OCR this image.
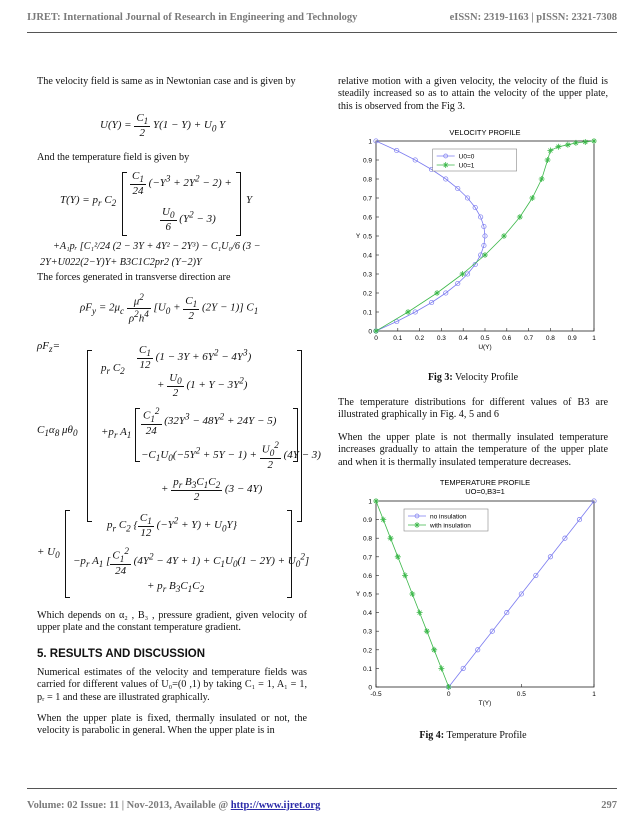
IJRET: International Journal of Research in Engineering and Technology	eISSN: 2319-1163 | pISSN: 2321-7308

The velocity field is same as in Newtonian case and is given by

$U(Y) = \frac{C_1}{2} Y(1 - Y) + U_0$ Y

And the temperature field is given by

$T(Y) = p_r$ $C_2$
$\frac{C_1}{24} (-Y^3 + 2Y^2 - 2)$ +
$\frac{U_0}{6} (Y^2 - 3)$
Y
+A₁pᵣ [C₁²/24 (2 − 3Y + 4Y² − 2Y³) − C₁U₀/6 (3 −
2Y+U022(2−Y)Y+ B3C1C2pr2 (Y−2)Y

The forces generated in transverse direction are

$\rho F_y = 2\mu_c \frac{\mu^2}{\rho^2h^4} [U_0 + \frac{C_1}{2} (2Y - 1)]$ $C_1$
$\rho F_z=$
$C_1\alpha_8$ $\mu\theta_0$
$p_r$ $C_2 \frac{C_1}{12} (1 - 3Y + 6Y^2 - 4Y^3)$
+ $\frac{U_0}{2} (1 + Y - 3Y^2)$
$+p_r$ $A_1 \frac{C_1^2}{24} (32Y^3 - 48Y^2 + 24Y - 5)$
$-C_1U_0(-5Y^2 + 5Y - 1) + \frac{U_0^2}{2} (4Y - 3)$
+ $\frac{p_r B_3C_1C_2}{2} (3 - 4Y)$
+ $U_0$
$p_r$ $C_2$ { $\frac{C_1}{12} (-Y^2 + Y) + U_0Y$}
$-p_r$ $A_1$ [ $\frac{C_1^2}{24} (4Y^2 - 4Y + 1) + C_1U_0(1 - 2Y) + U_0^2$]
+ $p_r$ $B_3C_1C_2$

Which depends on α₂ , B₃ , pressure gradient, given velocity of upper plate and the constant temperature gradient.

5. RESULTS AND DISCUSSION

Numerical estimates of the velocity and temperature fields was carried for different values of U₀=(0 ,1) by taking C₁ = 1, A₁ = 1, pᵣ = 1 and these are illustrated graphically.

When the upper plate is fixed, thermally insulated or not, the velocity is parabolic in general. When the upper plate is in

relative motion with a given velocity, the velocity of the fluid is steadily increased so as to attain the velocity of the upper plate, this is observed from the Fig 3.

VELOCITY PROFILE
0
0.1
0.2
0.3
0.4
0.5
0.6
0.7
0.8
0.9
1
0 0.1 0.2 0.3 0.4 0.5 0.6 0.7 0.8 0.9 1
U(Y)
Y
U0=0
U0=1
Fig 3: Velocity Profile

The temperature distributions for different values of B3 are illustrated graphically in Fig. 4, 5 and 6

When the upper plate is not thermally insulated temperature increases gradually to attain the temperature of the upper plate and when it is thermally insulated temperature decreases.

TEMPERATURE PROFILE
UO=0,B3=1
0
0.1
0.2
0.3
0.4
0.5
0.6
0.7
0.8
0.9
1
-0.5	0	0.5	1
T(Y)
Y
no insulation
with insulation
Fig 4: Temperature Profile
Volume: 02 Issue: 11 | Nov-2013, Available @ http://www.ijret.org	297
